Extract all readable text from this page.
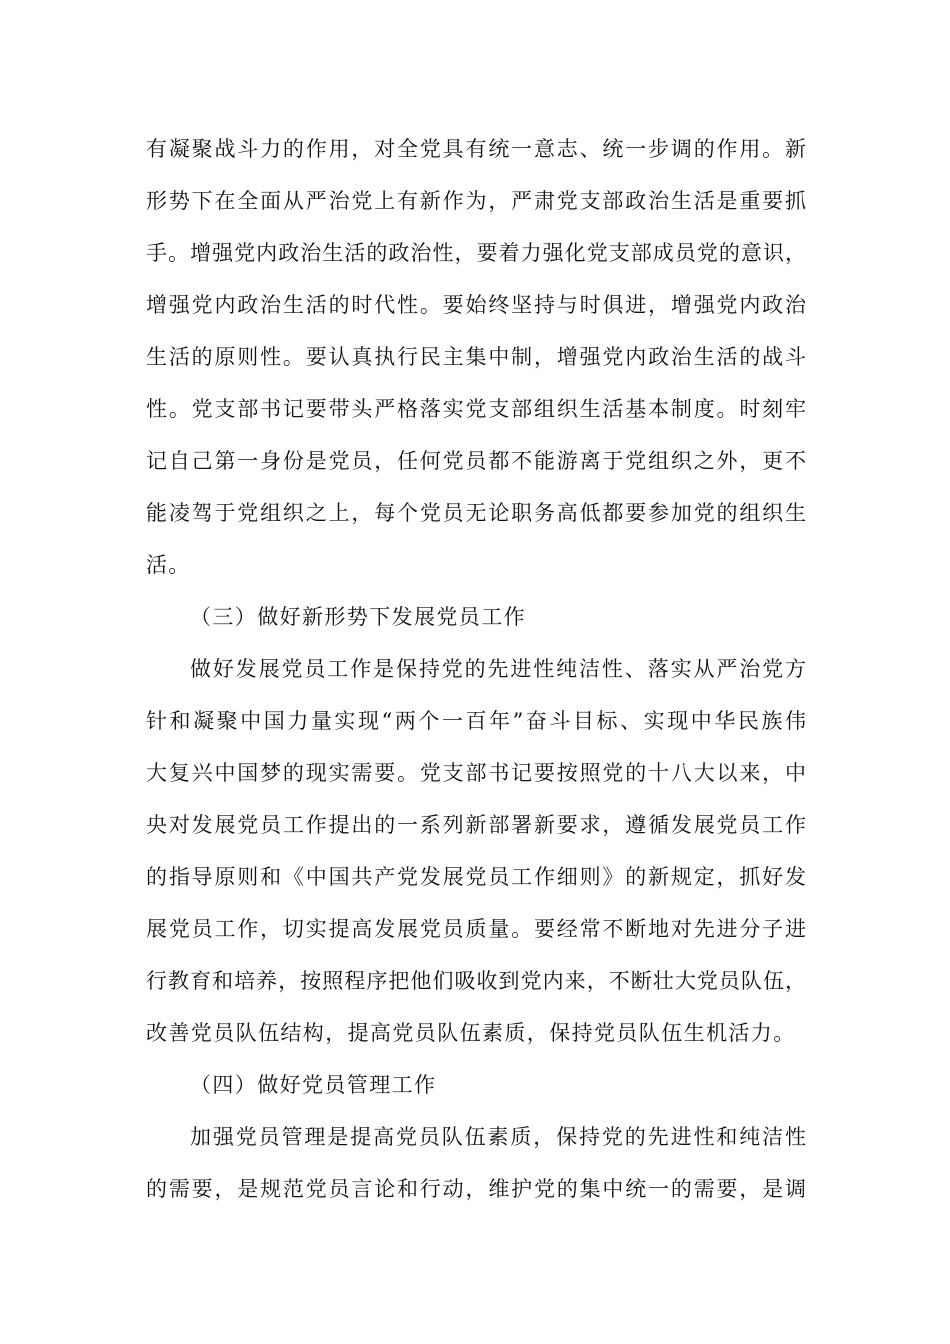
有凝聚战斗力的作用，对全党具有统一意志、统一步调的作用。新
形势下在全面从严治党上有新作为，严肃党支部政治生活是重要抓
手。增强党内政治生活的政治性，要着力强化党支部成员党的意识，
增强党内政治生活的时代性。要始终坚持与时俱进，增强党内政治
生活的原则性。要认真执行民主集中制，增强党内政治生活的战斗
性。党支部书记要带头严格落实党支部组织生活基本制度。时刻牢
记自己第一身份是党员，任何党员都不能游离于党组织之外，更不
能凌驾于党组织之上，每个党员无论职务高低都要参加党的组织生
活。
（三）做好新形势下发展党员工作
做好发展党员工作是保持党的先进性纯洁性、落实从严治党方
针和凝聚中国力量实现“两个一百年”奋斗目标、实现中华民族伟
大复兴中国梦的现实需要。党支部书记要按照党的十八大以来，中
央对发展党员工作提出的一系列新部署新要求，遵循发展党员工作
的指导原则和《中国共产党发展党员工作细则》的新规定，抓好发
展党员工作，切实提高发展党员质量。要经常不断地对先进分子进
行教育和培养，按照程序把他们吸收到党内来，不断壮大党员队伍，
改善党员队伍结构，提高党员队伍素质，保持党员队伍生机活力。
（四）做好党员管理工作
加强党员管理是提高党员队伍素质，保持党的先进性和纯洁性
的需要，是规范党员言论和行动，维护党的集中统一的需要，是调
